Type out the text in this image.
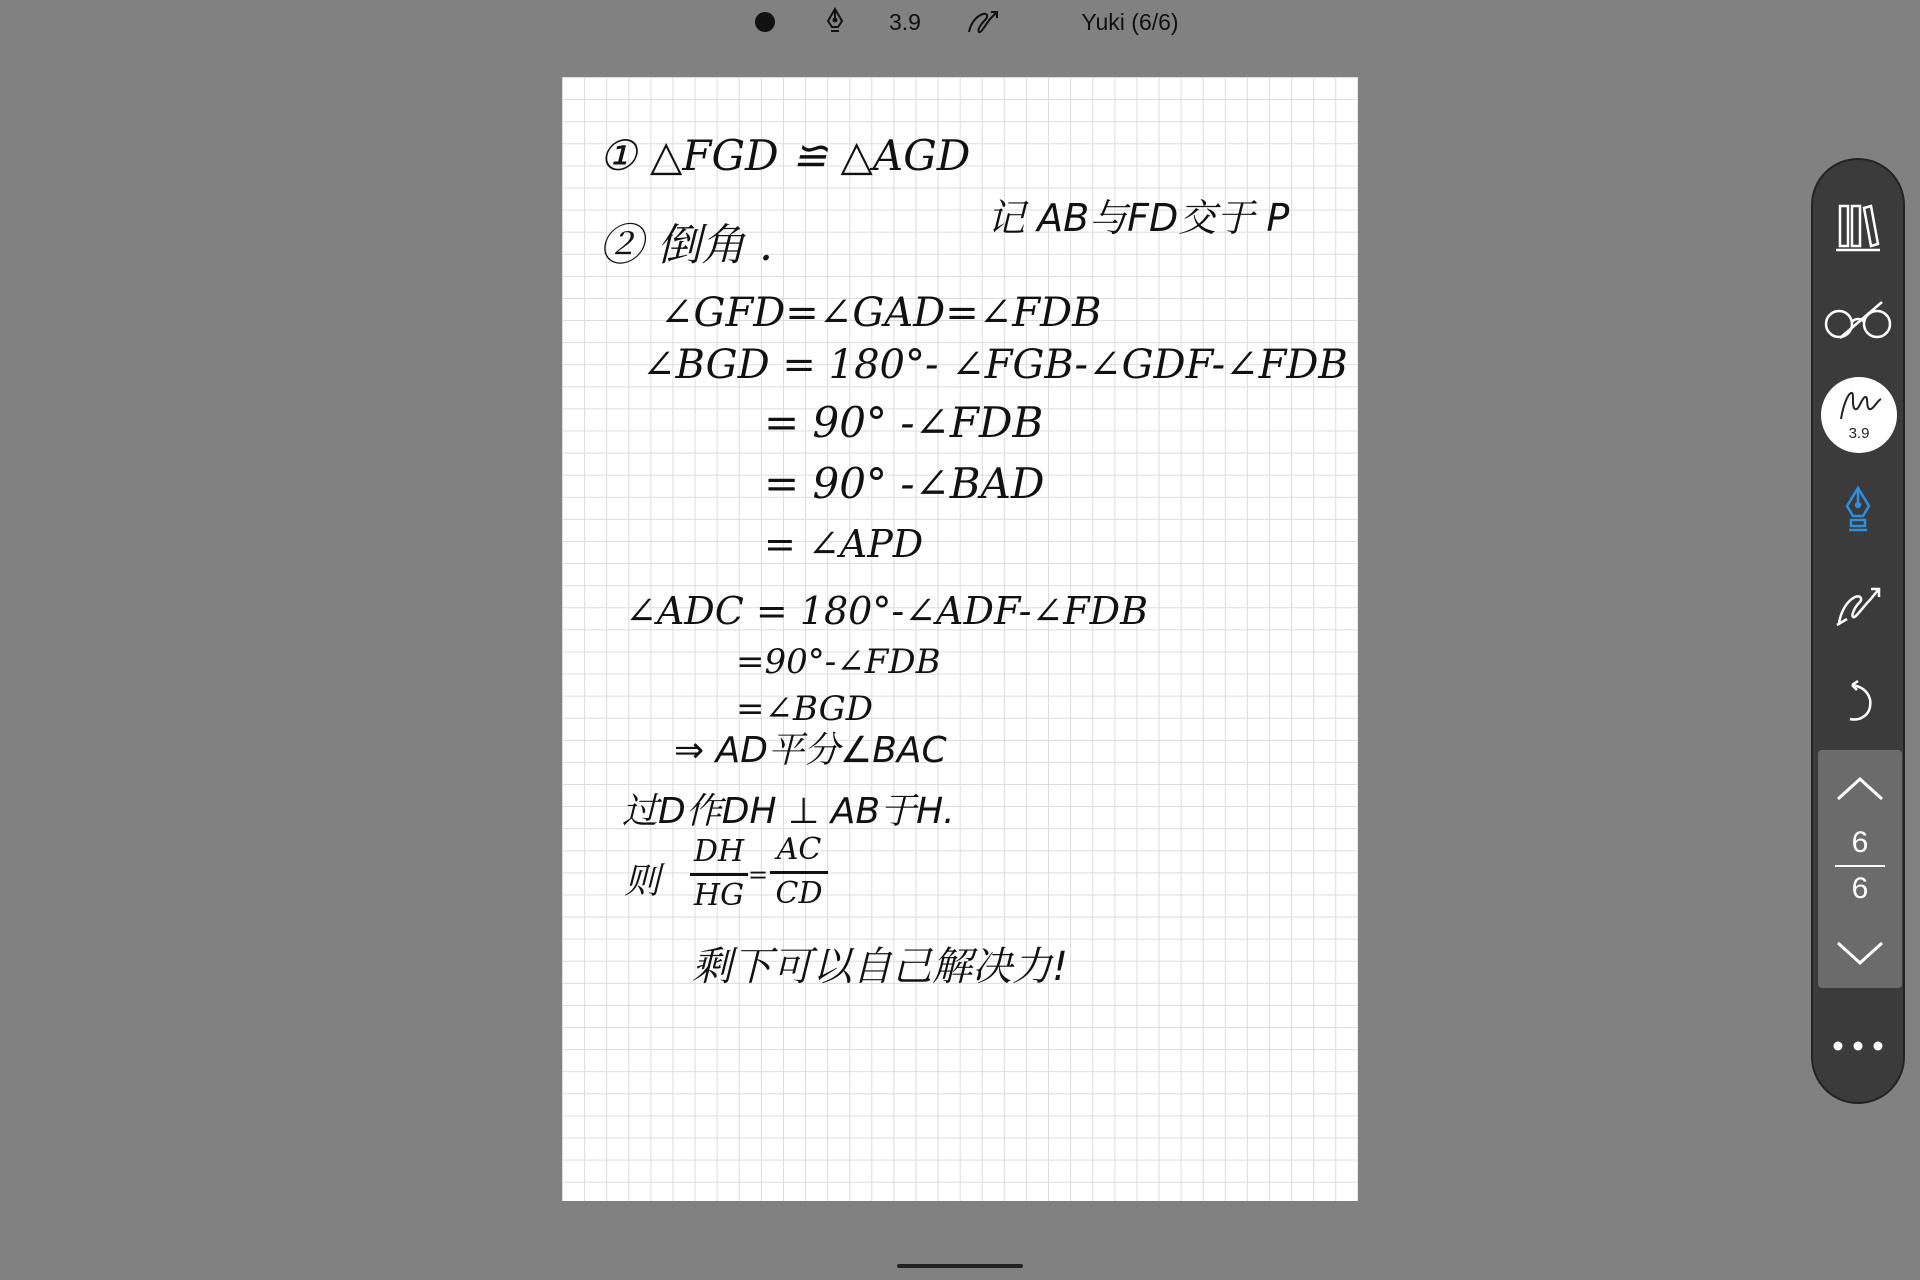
3.9	Yuki (6/6)
① △FGD ≌ △AGD
② 倒角 .
记 AB与FD交于 P
∠GFD=∠GAD=∠FDB
∠BGD = 180°- ∠FGB-∠GDF-∠FDB
= 90° -∠FDB
= 90° -∠BAD
= ∠APD
∠ADC = 180°-∠ADF-∠FDB
=90°-∠FDB
=∠BGD
⇒ AD平分∠BAC
过D作DH ⊥ AB于H.
则
DH
HG
=
AC
CD
剩下可以自己解决力!
3.9
6
6
